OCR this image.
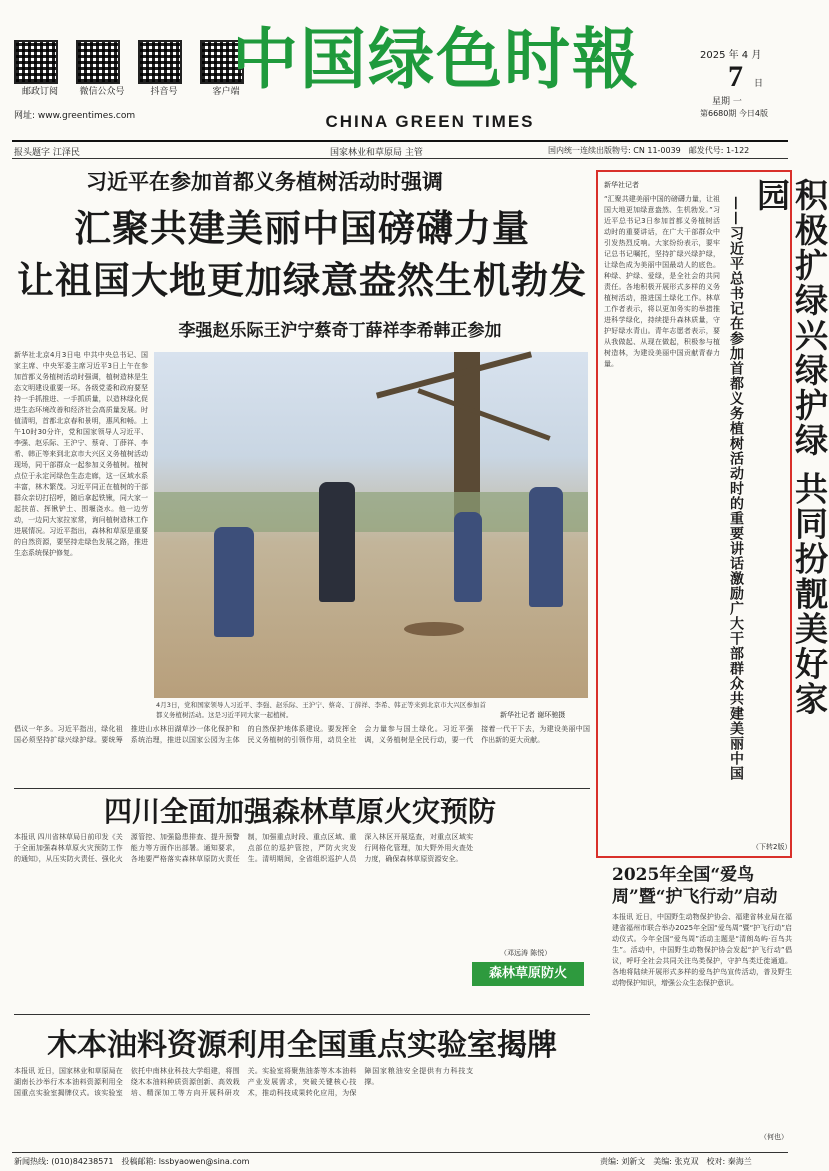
邮政订阅	微信公众号	抖音号	客户端
网址: www.greentimes.com
中国绿色时報
CHINA GREEN TIMES
2025 年 4 月
7 日
星期 一
第6680期 今日4版
报头题字 江泽民	国家林业和草原局 主管	国内统一连续出版物号: CN 11-0039　邮发代号: 1-122
习近平在参加首都义务植树活动时强调
汇聚共建美丽中国磅礴力量
让祖国大地更加绿意盎然生机勃发
李强赵乐际王沪宁蔡奇丁薛祥李希韩正参加
新华社北京4月3日电 中共中央总书记、国家主席、中央军委主席习近平3日上午在参加首都义务植树活动时强调，植树造林是生态文明建设重要一环。各级党委和政府要坚持一手抓推进、一手抓质量，以造林绿化促进生态环境改善和经济社会高质量发展。时值清明，首都北京春和景明，惠风和畅。上午10时30分许，党和国家领导人习近平、李强、赵乐际、王沪宁、蔡奇、丁薛祥、李希、韩正等来到北京市大兴区义务植树活动现场，同干部群众一起参加义务植树。植树点位于永定河绿色生态走廊，这一区域水系丰富，林木繁茂。习近平同正在植树的干部群众亲切打招呼，随后拿起铁锹，同大家一起扶苗、挥锹铲土、围堰浇水。他一边劳动，一边同大家拉家常，询问植树造林工作进展情况。习近平指出，森林和草原是重要的自然资源，要坚持走绿色发展之路，推进生态系统保护修复。
4月3日，党和国家领导人习近平、李强、赵乐际、王沪宁、蔡奇、丁薛祥、李希、韩正等来到北京市大兴区参加首都义务植树活动。这是习近平同大家一起植树。	新华社记者 谢环驰摄
倡议一年多。习近平指出，绿化祖国必须坚持扩绿兴绿护绿。要统筹推进山水林田湖草沙一体化保护和系统治理，推进以国家公园为主体的自然保护地体系建设。要发挥全民义务植树的引领作用，动员全社会力量参与国土绿化。习近平强调，义务植树是全民行动，要一代接着一代干下去，为建设美丽中国作出新的更大贡献。
新华社记者	积极扩绿兴绿护绿 共同扮靓美好家园
——习近平总书记在参加首都义务植树活动时的重要讲话激励广大干部群众共建美丽中国
“汇聚共建美丽中国的磅礴力量，让祖国大地更加绿意盎然、生机勃发。”习近平总书记3日参加首都义务植树活动时的重要讲话，在广大干部群众中引发热烈反响。大家纷纷表示，要牢记总书记嘱托，坚持扩绿兴绿护绿，让绿色成为美丽中国最动人的底色。种绿、护绿、爱绿，是全社会的共同责任。各地积极开展形式多样的义务植树活动，推进国土绿化工作。林草工作者表示，将以更加务实的举措推进科学绿化，持续提升森林质量，守护好绿水青山。青年志愿者表示，要从我做起、从现在做起，积极参与植树造林，为建设美丽中国贡献青春力量。
（下转2版）
四川全面加强森林草原火灾预防
本报讯 四川省林草局日前印发《关于全面加强森林草原火灾预防工作的通知》，从压实防火责任、强化火源管控、加强隐患排查、提升预警能力等方面作出部署。通知要求，各地要严格落实森林草原防火责任制，加强重点时段、重点区域、重点部位的巡护管控，严防火灾发生。清明期间，全省组织巡护人员深入林区开展巡查，对重点区域实行网格化管理，加大野外用火查处力度，确保森林草原资源安全。
（邓远涛 陈悦）
森林草原防火
2025年全国“爱鸟周”暨“护飞行动”启动
本报讯 近日，中国野生动物保护协会、福建省林业局在福建省福州市联合举办2025年全国“爱鸟周”暨“护飞行动”启动仪式。今年全国“爱鸟周”活动主题是“清朗岛屿·百鸟共生”。活动中，中国野生动物保护协会发起“护飞行动”倡议，呼吁全社会共同关注鸟类保护，守护鸟类迁徙通道。各地将陆续开展形式多样的爱鸟护鸟宣传活动，普及野生动物保护知识，增强公众生态保护意识。
（何也）
木本油料资源利用全国重点实验室揭牌
本报讯 近日，国家林业和草原局在湖南长沙举行木本油料资源利用全国重点实验室揭牌仪式。该实验室依托中南林业科技大学组建，将围绕木本油料种质资源创新、高效栽培、精深加工等方向开展科研攻关。实验室将聚焦油茶等木本油料产业发展需求，突破关键核心技术，推动科技成果转化应用，为保障国家粮油安全提供有力科技支撑。
新闻热线: (010)84238571　投稿邮箱: lssbyaowen@sina.com	责编: 刘新文　美编: 张克双　校对: 秦海兰
